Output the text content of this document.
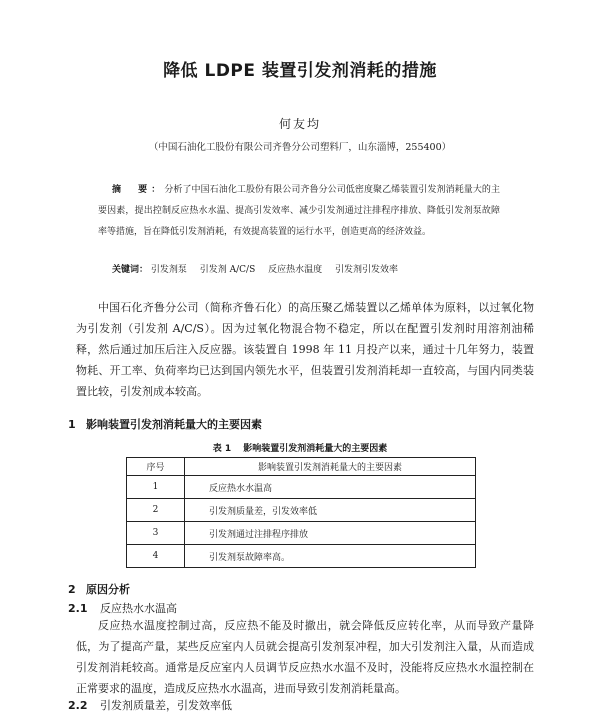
降低 LDPE 装置引发剂消耗的措施
何友均
（中国石油化工股份有限公司齐鲁分公司塑料厂，山东淄博，255400）
摘　要：分析了中国石油化工股份有限公司齐鲁分公司低密度聚乙烯装置引发剂消耗量大的主要因素，提出控制反应热水水温、提高引发效率、减少引发剂通过注排程序排放、降低引发剂泵故障率等措施，旨在降低引发剂消耗，有效提高装置的运行水平，创造更高的经济效益。
关键词： 引发剂泵 引发剂 A/C/S 反应热水温度 引发剂引发效率

中国石化齐鲁分公司（简称齐鲁石化）的高压聚乙烯装置以乙烯单体为原料，以过氧化物为引发剂（引发剂 A/C/S）。因为过氧化物混合物不稳定，所以在配置引发剂时用溶剂油稀释，然后通过加压后注入反应器。该装置自 1998 年 11 月投产以来，通过十几年努力，装置物耗、开工率、负荷率均已达到国内领先水平，但装置引发剂消耗却一直较高，与国内同类装置比较，引发剂成本较高。

1 影响装置引发剂消耗量大的主要因素
表 1 影响装置引发剂消耗量大的主要因素
序号	影响装置引发剂消耗量大的主要因素
1	反应热水水温高
2	引发剂质量差，引发效率低
3	引发剂通过注排程序排放
4	引发剂泵故障率高。
2 原因分析
2.1 反应热水水温高

反应热水温度控制过高，反应热不能及时撤出，就会降低反应转化率，从而导致产量降低，为了提高产量，某些反应室内人员就会提高引发剂泵冲程，加大引发剂注入量，从而造成引发剂消耗较高。通常是反应室内人员调节反应热水水温不及时，没能将反应热水水温控制在正常要求的温度，造成反应热水水温高，进而导致引发剂消耗量高。

2.2 引发剂质量差，引发效率低
